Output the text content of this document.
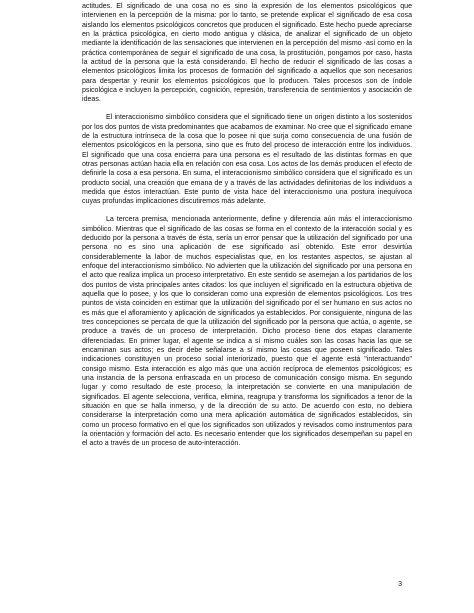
actitudes. El significado de una cosa no es sino la expresión de los elementos psicológicos que intervienen en la percepción de la misma: por lo tanto, se pretende explicar el significado de esa cosa aislando los elementos psicológicos concretos que producen el significado. Este hecho puede apreciarse en la práctica psicológica, en cierto modo antigua y clásica, de analizar el significado de un objeto mediante la identificación de las sensaciones que intervienen en la percepción del mismo -así como en la práctica contemporánea de seguir el significado de una cosa, la prostitución, pongamos por caso, hasta la actitud de la persona que la está considerando. El hecho de reducir el significado de las cosas a elementos psicológicos limita los procesos de formación del significado a aquellos que son necesarios para despertar y reunir los elementos psicológicos que lo producen. Tales procesos son de índole psicológica e incluyen la percepción, cognición, represión, transferencia de sentimientos y asociación de ideas.

El interaccionismo simbólico considera que el significado tiene un origen distinto a los sostenidos por los dos puntos de vista predominantes que acabamos de examinar. No cree que el significado emane de la estructura intrínseca de la cosa que lo posee ni que surja como consecuencia de una fusión de elementos psicológicos en la persona, sino que es fruto del proceso de interacción entre los individuos. El significado que una cosa encierra para una persona es el resultado de las distintas formas en que otras personas actúan hacia ella en relación con esa cosa. Los actos de los demás producen el efecto de definirle la cosa a esa persona. En suma, el interaccionismo simbólico considera que el significado es un producto social, una creación que emana de y a través de las actividades definitorias de los individuos a medida que éstos interactúan. Este punto de vista hace del interaccionismo una postura inequívoca cuyas profundas implicaciones discutiremos más adelante.

La tercera premisa, mencionada anteriormente, define y diferencia aún más el interaccionismo simbólico. Mientras que el significado de las cosas se forma en el contexto de la interacción social y es deducido por la persona a través de ésta, sería un error pensar que la utilización del significado por una persona no es sino una aplicación de ese significado así obtenido. Este error desvirtúa considerablemente la labor de muchos especialistas que, en los restantes aspectos, se ajustan al enfoque del interaccionismo simbólico. No advierten que la utilización del significado por una persona en el acto que realiza implica un proceso interpretativo. En este sentido se asemejan a los partidarios de los dos puntos de vista principales antes citados: los que incluyen el significado en la estructura objetiva de aquella que lo posee, y los que lo consideran como una expresión de elementos psicológicos. Los tres puntos de vista coinciden en estimar que la utilización del significado por el ser humano en sus actos no es más que el afloramiento y aplicación de significados ya establecidos. Por consiguiente, ninguna de las tres concepciones se percata de que la utilización del significado por la persona que actúa, o agente, se produce a través de un proceso de interpretación. Dicho proceso tiene dos etapas claramente diferenciadas. En primer lugar, el agente se indica a sí mismo cuáles son las cosas hacia las que se encaminan sus actos; es decir debe señalarse a sí mismo las cosas que poseen significado. Tales indicaciones constituyen un proceso social interiorizado, puesto que el agente está "interactuando" consigo mismo. Esta interacción es algo más que una acción recíproca de elementos psicológicos; es una instancia de la persona enfrascada en un proceso de comunicación consigo misma. En segundo lugar y como resultado de este proceso, la interpretación se convierte en una manipulación de significados. El agente selecciona, verifica, elimina, reagrupa y transforma los significados a tenor de la situación en que se halla inmerso, y de la dirección de su acto. De acuerdo con esto, no debiera considerarse la interpretación como una mera aplicación automática de significados establecidos, sin como un proceso formativo en el que los significados son utilizados y revisados como instrumentos para la orientación y formación del acto. Es necesario entender que los significados desempeñan su papel en el acto a través de un proceso de auto-interacción.

3
